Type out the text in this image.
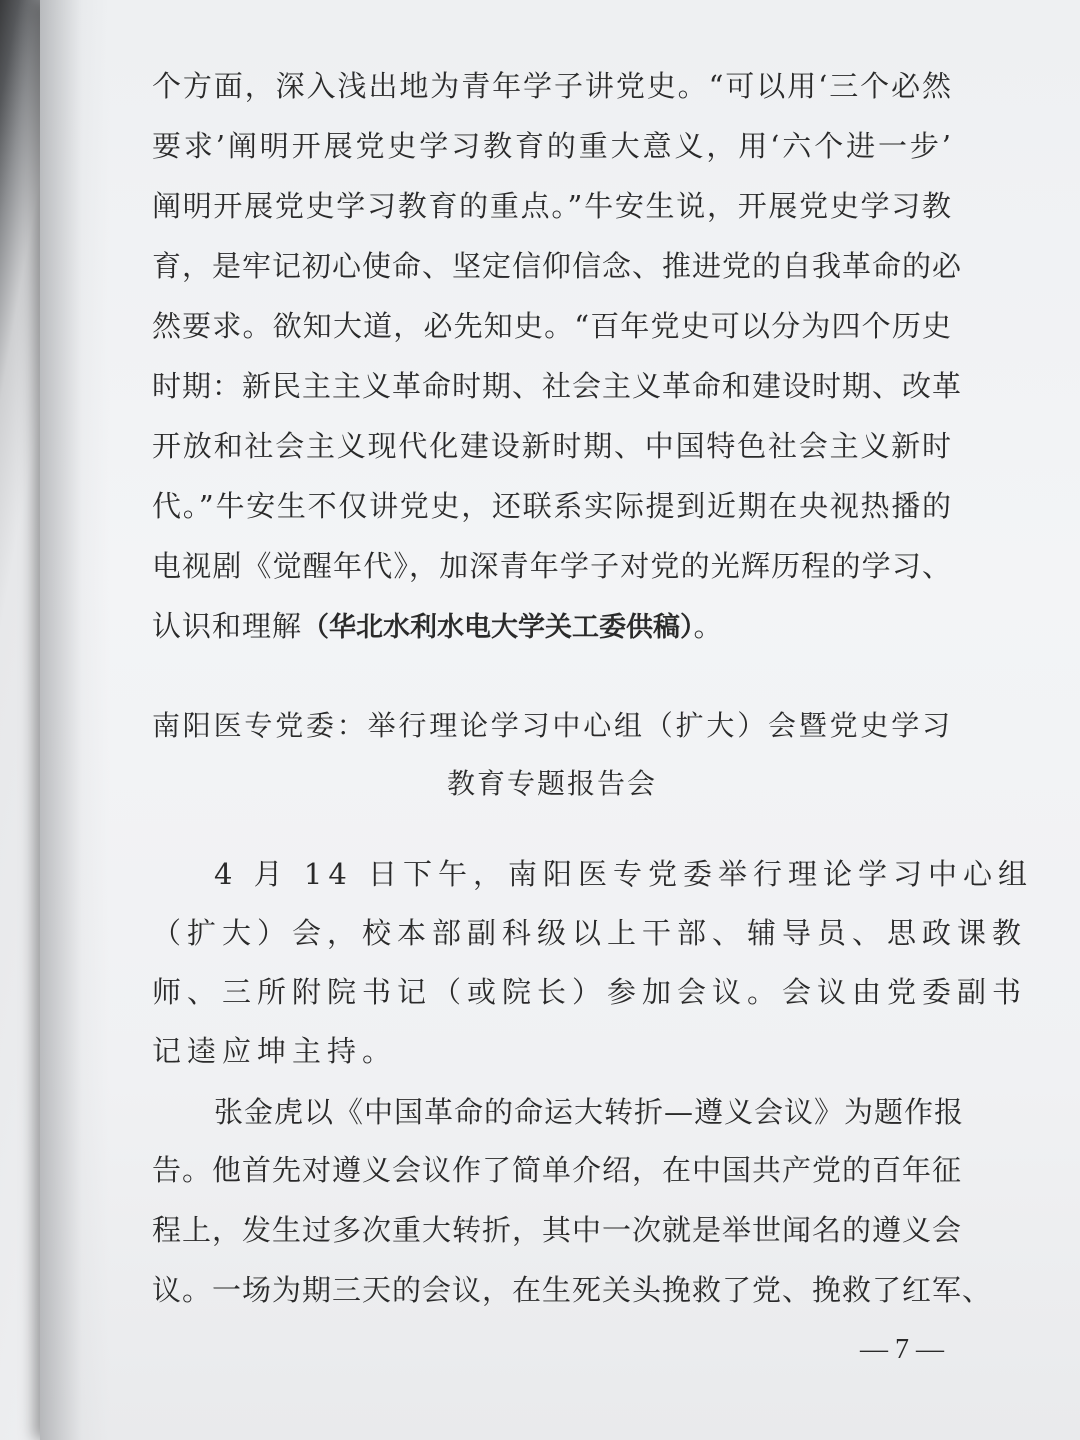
个方面，深入浅出地为青年学子讲党史。“可以用‘三个必然
要求’阐明开展党史学习教育的重大意义，用‘六个进一步’
阐明开展党史学习教育的重点。”牛安生说，开展党史学习教
育，是牢记初心使命、坚定信仰信念、推进党的自我革命的必
然要求。欲知大道，必先知史。“百年党史可以分为四个历史
时期：新民主主义革命时期、社会主义革命和建设时期、改革
开放和社会主义现代化建设新时期、中国特色社会主义新时
代。”牛安生不仅讲党史，还联系实际提到近期在央视热播的
电视剧《觉醒年代》，加深青年学子对党的光辉历程的学习、
认识和理解（华北水利水电大学关工委供稿）。
南阳医专党委：举行理论学习中心组（扩大）会暨党史学习
教育专题报告会
4 月 14 日下午，南阳医专党委举行理论学习中心组
（扩大）会，校本部副科级以上干部、辅导员、思政课教
师、三所附院书记（或院长）参加会议。会议由党委副书
记逵应坤主持。
张金虎以《中国革命的命运大转折—遵义会议》为题作报
告。他首先对遵义会议作了简单介绍，在中国共产党的百年征
程上，发生过多次重大转折，其中一次就是举世闻名的遵义会
议。一场为期三天的会议，在生死关头挽救了党、挽救了红军、
— 7 —
